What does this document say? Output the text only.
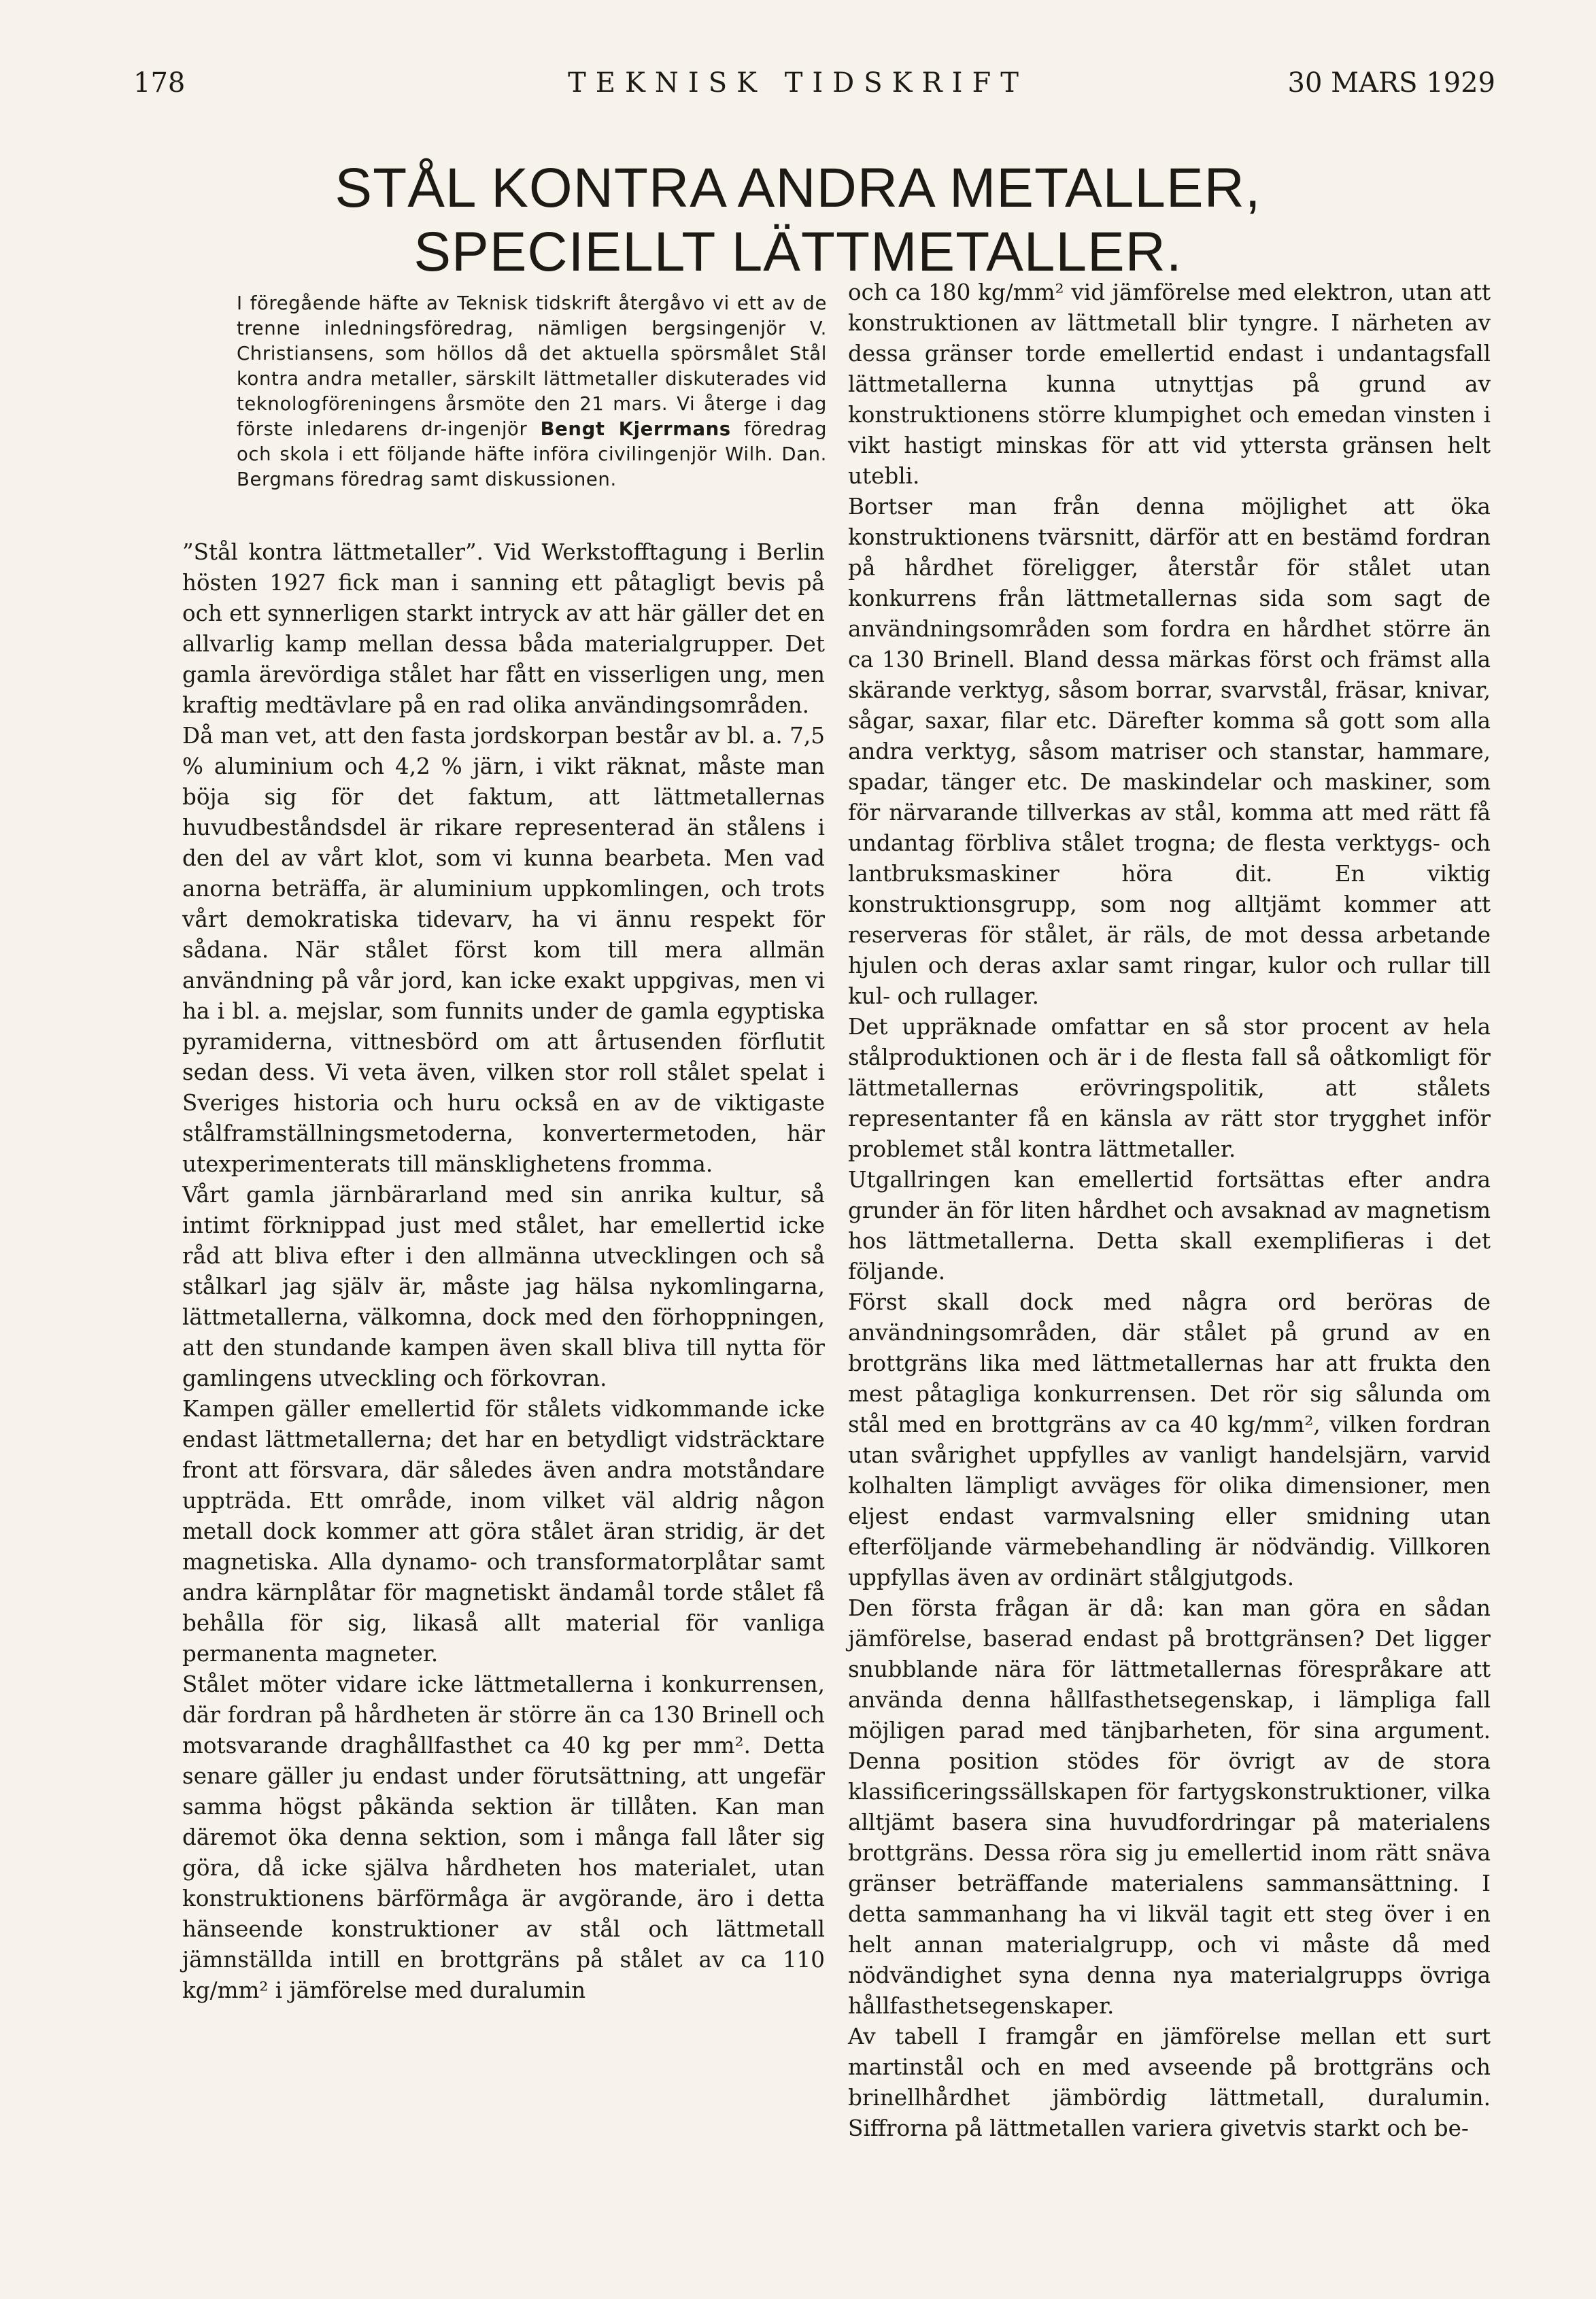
178	TEKNISK TIDSKRIFT	30 MARS 1929
STÅL KONTRA ANDRA METALLER, SPECIELLT LÄTTMETALLER.
I föregående häfte av Teknisk tidskrift återgåvo vi ett av de trenne inledningsföredrag, nämligen bergsingenjör V. Christiansens, som höllos då det aktuella spörsmålet Stål kontra andra metaller, särskilt lättmetaller diskuterades vid teknologföreningens årsmöte den 21 mars. Vi återge i dag förste inledarens dr-ingenjör Bengt Kjerrmans föredrag och skola i ett följande häfte införa civilingenjör Wilh. Dan. Bergmans föredrag samt diskussionen.
”Stål kontra lättmetaller”. Vid Werkstofftagung i Berlin hösten 1927 fick man i sanning ett påtagligt bevis på och ett synnerligen starkt intryck av att här gäller det en allvarlig kamp mellan dessa båda materialgrupper. Det gamla ärevördiga stålet har fått en visserligen ung, men kraftig medtävlare på en rad olika användingsområden.
Då man vet, att den fasta jordskorpan består av bl. a. 7,5 % aluminium och 4,2 % järn, i vikt räknat, måste man böja sig för det faktum, att lättmetallernas huvudbeståndsdel är rikare representerad än stålens i den del av vårt klot, som vi kunna bearbeta. Men vad anorna beträffa, är aluminium uppkomlingen, och trots vårt demokratiska tidevarv, ha vi ännu respekt för sådana. När stålet först kom till mera allmän användning på vår jord, kan icke exakt uppgivas, men vi ha i bl. a. mejslar, som funnits under de gamla egyptiska pyramiderna, vittnesbörd om att årtusenden förflutit sedan dess. Vi veta även, vilken stor roll stålet spelat i Sveriges historia och huru också en av de viktigaste stålframställningsmetoderna, konvertermetoden, här utexperimenterats till mänsklighetens fromma.
Vårt gamla järnbärarland med sin anrika kultur, så intimt förknippad just med stålet, har emellertid icke råd att bliva efter i den allmänna utvecklingen och så stålkarl jag själv är, måste jag hälsa nykomlingarna, lättmetallerna, välkomna, dock med den förhoppningen, att den stundande kampen även skall bliva till nytta för gamlingens utveckling och förkovran.
Kampen gäller emellertid för stålets vidkommande icke endast lättmetallerna; det har en betydligt vidsträcktare front att försvara, där således även andra motståndare uppträda. Ett område, inom vilket väl aldrig någon metall dock kommer att göra stålet äran stridig, är det magnetiska. Alla dynamo- och transformatorplåtar samt andra kärnplåtar för magnetiskt ändamål torde stålet få behålla för sig, likaså allt material för vanliga permanenta magneter.
Stålet möter vidare icke lättmetallerna i konkurrensen, där fordran på hårdheten är större än ca 130 Brinell och motsvarande draghållfasthet ca 40 kg per mm². Detta senare gäller ju endast under förutsättning, att ungefär samma högst påkända sektion är tillåten. Kan man däremot öka denna sektion, som i många fall låter sig göra, då icke själva hårdheten hos materialet, utan konstruktionens bärförmåga är avgörande, äro i detta hänseende konstruktioner av stål och lättmetall jämnställda intill en brottgräns på stålet av ca 110 kg/mm² i jämförelse med duralumin
och ca 180 kg/mm² vid jämförelse med elektron, utan att konstruktionen av lättmetall blir tyngre. I närheten av dessa gränser torde emellertid endast i undantagsfall lättmetallerna kunna utnyttjas på grund av konstruktionens större klumpighet och emedan vinsten i vikt hastigt minskas för att vid yttersta gränsen helt utebli.
Bortser man från denna möjlighet att öka konstruktionens tvärsnitt, därför att en bestämd fordran på hårdhet föreligger, återstår för stålet utan konkurrens från lättmetallernas sida som sagt de användningsområden som fordra en hårdhet större än ca 130 Brinell. Bland dessa märkas först och främst alla skärande verktyg, såsom borrar, svarvstål, fräsar, knivar, sågar, saxar, filar etc. Därefter komma så gott som alla andra verktyg, såsom matriser och stanstar, hammare, spadar, tänger etc. De maskindelar och maskiner, som för närvarande tillverkas av stål, komma att med rätt få undantag förbliva stålet trogna; de flesta verktygs- och lantbruksmaskiner höra dit. En viktig konstruktionsgrupp, som nog alltjämt kommer att reserveras för stålet, är räls, de mot dessa arbetande hjulen och deras axlar samt ringar, kulor och rullar till kul- och rullager.
Det uppräknade omfattar en så stor procent av hela stålproduktionen och är i de flesta fall så oåtkomligt för lättmetallernas erövringspolitik, att stålets representanter få en känsla av rätt stor trygghet inför problemet stål kontra lättmetaller.
Utgallringen kan emellertid fortsättas efter andra grunder än för liten hårdhet och avsaknad av magnetism hos lättmetallerna. Detta skall exemplifieras i det följande.
Först skall dock med några ord beröras de användningsområden, där stålet på grund av en brottgräns lika med lättmetallernas har att frukta den mest påtagliga konkurrensen. Det rör sig sålunda om stål med en brottgräns av ca 40 kg/mm², vilken fordran utan svårighet uppfylles av vanligt handelsjärn, varvid kolhalten lämpligt avväges för olika dimensioner, men eljest endast varmvalsning eller smidning utan efterföljande värmebehandling är nödvändig. Villkoren uppfyllas även av ordinärt stålgjutgods.
Den första frågan är då: kan man göra en sådan jämförelse, baserad endast på brottgränsen? Det ligger snubblande nära för lättmetallernas förespråkare att använda denna hållfasthetsegenskap, i lämpliga fall möjligen parad med tänjbarheten, för sina argument. Denna position stödes för övrigt av de stora klassificeringssällskapen för fartygskonstruktioner, vilka alltjämt basera sina huvudfordringar på materialens brottgräns. Dessa röra sig ju emellertid inom rätt snäva gränser beträffande materialens sammansättning. I detta sammanhang ha vi likväl tagit ett steg över i en helt annan materialgrupp, och vi måste då med nödvändighet syna denna nya materialgrupps övriga hållfasthetsegenskaper.
Av tabell I framgår en jämförelse mellan ett surt martinstål och en med avseende på brottgräns och brinellhårdhet jämbördig lättmetall, duralumin. Siffrorna på lättmetallen variera givetvis starkt och be-
